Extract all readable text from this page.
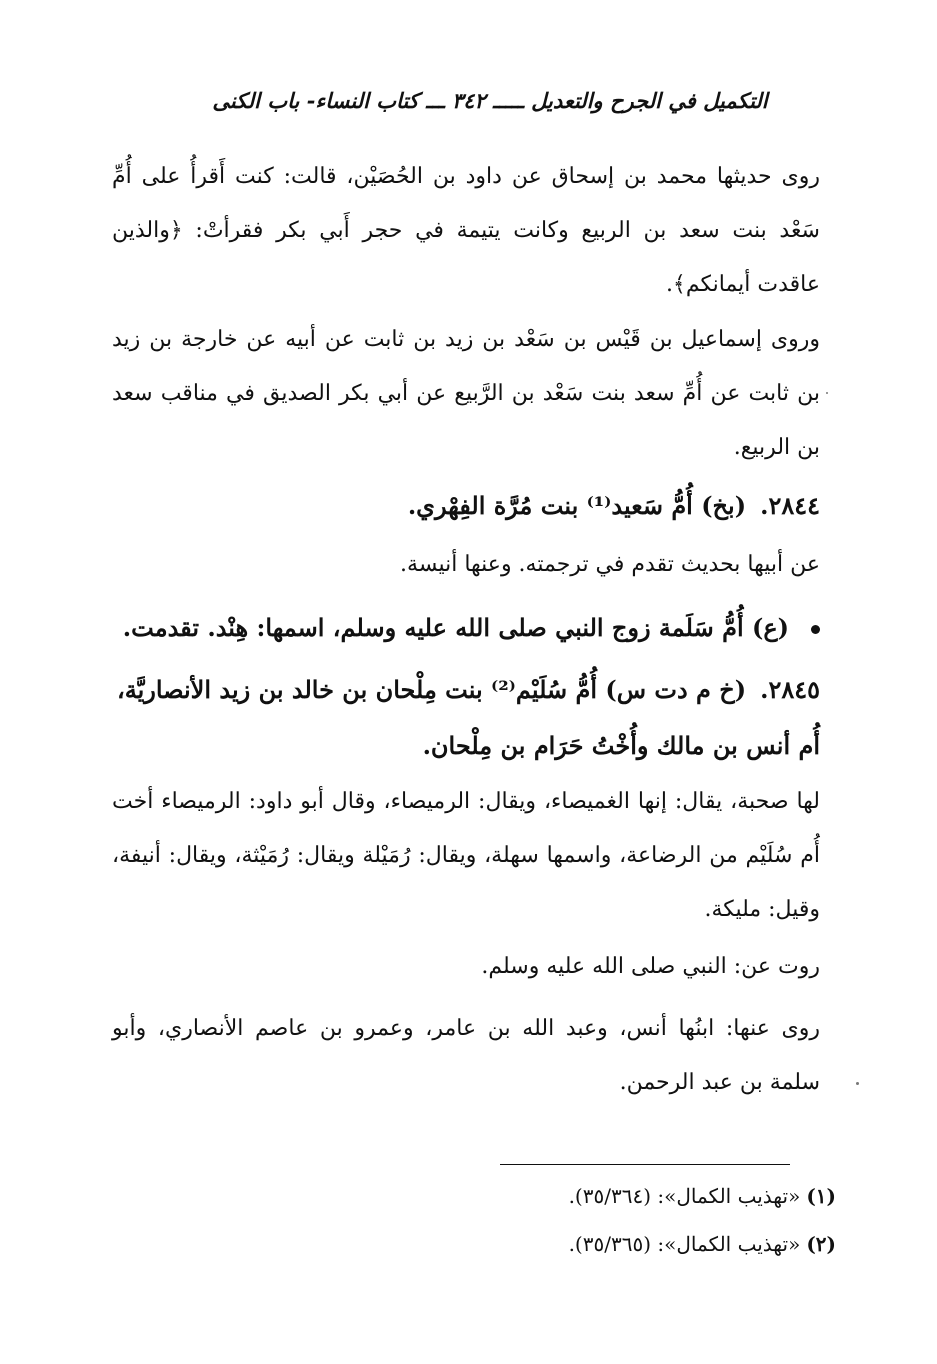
التكميل في الجرح والتعديل ـــــ ٣٤٢ ـــ كتاب النساء- باب الكنى
روى حديثها محمد بن إسحاق عن داود بن الحُصَيْن، قالت: كنت أَقرأُ على أُمِّ سَعْد بنت سعد بن الربيع وكانت يتيمة في حجر أَبي بكر فقرأتْ: ﴿والذين عاقدت أيمانكم﴾.
وروى إسماعيل بن قَيْس بن سَعْد بن زيد بن ثابت عن أبيه عن خارجة بن زيد بن ثابت عن أُمِّ سعد بنت سَعْد بن الرَّبيع عن أبي بكر الصديق في مناقب سعد بن الربيع.
٢٨٤٤.(بخ) أُمُّ سَعيد⁽¹⁾ بنت مُرَّة الفِهْري.
عن أبيها بحديث تقدم في ترجمته. وعنها أنيسة.
(ع) أُمُّ سَلَمة زوج النبي صلى الله عليه وسلم، اسمها: هِنْد. تقدمت.
٢٨٤٥.(خ م دت س) أُمُّ سُلَيْم⁽²⁾ بنت مِلْحان بن خالد بن زيد الأنصاريَّة، أُم أنس بن مالك وأُخْتُ حَرَام بن مِلْحان.
لها صحبة، يقال: إنها الغميصاء، ويقال: الرميصاء، وقال أبو داود: الرميصاء أخت أُم سُلَيْم من الرضاعة، واسمها سهلة، ويقال: رُمَيْلة ويقال: رُمَيْثة، ويقال: أنيفة، وقيل: مليكة.
روت عن: النبي صلى الله عليه وسلم.
روى عنها: ابنُها أنس، وعبد الله بن عامر، وعمرو بن عاصم الأنصاري، وأبو سلمة بن عبد الرحمن.
(١)«تهذيب الكمال»: (٣٥/٣٦٤).
(٢)«تهذيب الكمال»: (٣٥/٣٦٥).
